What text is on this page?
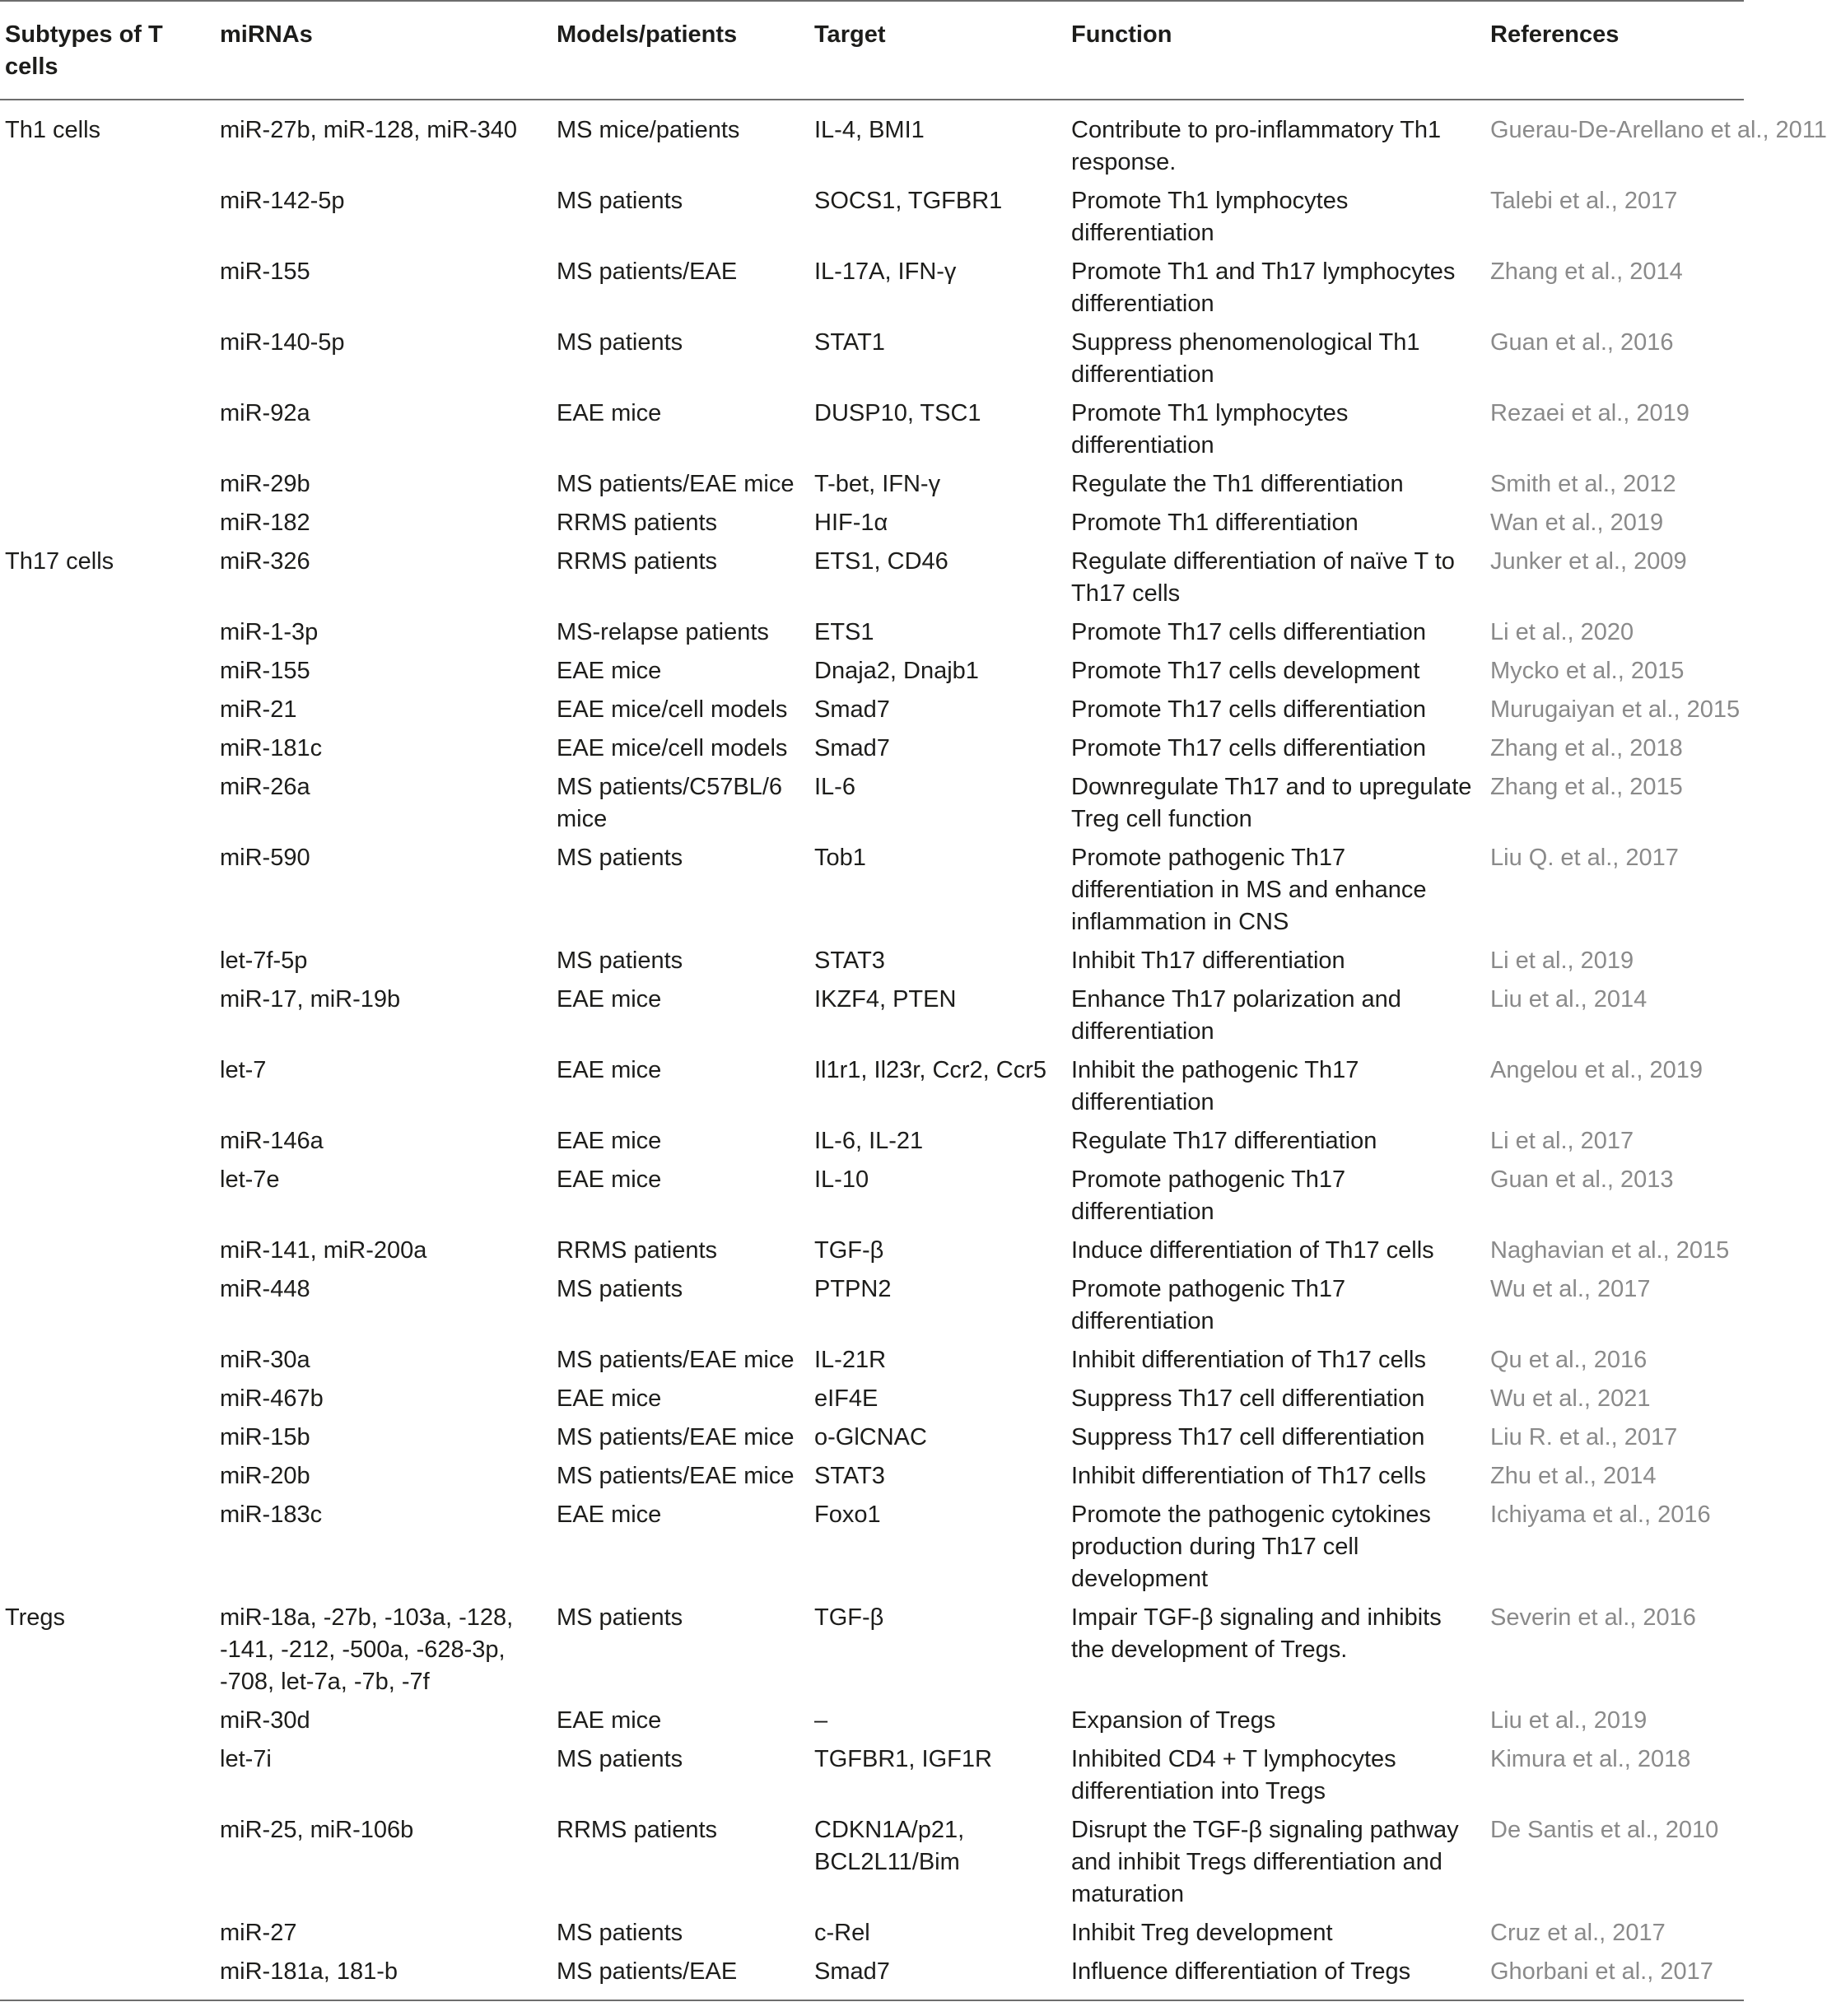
Subtypes of T cells	miRNAs	Models/patients	Target	Function	References
Th1 cells	miR-27b, miR-128, miR-340	MS mice/patients	IL-4, BMI1	Contribute to pro-inflammatory Th1 response.	Guerau-De-Arellano et al., 2011
	miR-142-5p	MS patients	SOCS1, TGFBR1	Promote Th1 lymphocytes differentiation	Talebi et al., 2017
	miR-155	MS patients/EAE	IL-17A, IFN-γ	Promote Th1 and Th17 lymphocytes differentiation	Zhang et al., 2014
	miR-140-5p	MS patients	STAT1	Suppress phenomenological Th1 differentiation	Guan et al., 2016
	miR-92a	EAE mice	DUSP10, TSC1	Promote Th1 lymphocytes differentiation	Rezaei et al., 2019
	miR-29b	MS patients/EAE mice	T-bet, IFN-γ	Regulate the Th1 differentiation	Smith et al., 2012
	miR-182	RRMS patients	HIF-1α	Promote Th1 differentiation	Wan et al., 2019
Th17 cells	miR-326	RRMS patients	ETS1, CD46	Regulate differentiation of naïve T to Th17 cells	Junker et al., 2009
	miR-1-3p	MS-relapse patients	ETS1	Promote Th17 cells differentiation	Li et al., 2020
	miR-155	EAE mice	Dnaja2, Dnajb1	Promote Th17 cells development	Mycko et al., 2015
	miR-21	EAE mice/cell models	Smad7	Promote Th17 cells differentiation	Murugaiyan et al., 2015
	miR-181c	EAE mice/cell models	Smad7	Promote Th17 cells differentiation	Zhang et al., 2018
	miR-26a	MS patients/C57BL/6 mice	IL-6	Downregulate Th17 and to upregulate Treg cell function	Zhang et al., 2015
	miR-590	MS patients	Tob1	Promote pathogenic Th17 differentiation in MS and enhance inflammation in CNS	Liu Q. et al., 2017
	let-7f-5p	MS patients	STAT3	Inhibit Th17 differentiation	Li et al., 2019
	miR-17, miR-19b	EAE mice	IKZF4, PTEN	Enhance Th17 polarization and differentiation	Liu et al., 2014
	let-7	EAE mice	Il1r1, Il23r, Ccr2, Ccr5	Inhibit the pathogenic Th17 differentiation	Angelou et al., 2019
	miR-146a	EAE mice	IL-6, IL-21	Regulate Th17 differentiation	Li et al., 2017
	let-7e	EAE mice	IL-10	Promote pathogenic Th17 differentiation	Guan et al., 2013
	miR-141, miR-200a	RRMS patients	TGF-β	Induce differentiation of Th17 cells	Naghavian et al., 2015
	miR-448	MS patients	PTPN2	Promote pathogenic Th17 differentiation	Wu et al., 2017
	miR-30a	MS patients/EAE mice	IL-21R	Inhibit differentiation of Th17 cells	Qu et al., 2016
	miR-467b	EAE mice	eIF4E	Suppress Th17 cell differentiation	Wu et al., 2021
	miR-15b	MS patients/EAE mice	o-GlCNAC	Suppress Th17 cell differentiation	Liu R. et al., 2017
	miR-20b	MS patients/EAE mice	STAT3	Inhibit differentiation of Th17 cells	Zhu et al., 2014
	miR-183c	EAE mice	Foxo1	Promote the pathogenic cytokines production during Th17 cell development	Ichiyama et al., 2016
Tregs	miR-18a, -27b, -103a, -128, -141, -212, -500a, -628-3p, -708, let-7a, -7b, -7f	MS patients	TGF-β	Impair TGF-β signaling and inhibits the development of Tregs.	Severin et al., 2016
	miR-30d	EAE mice	–	Expansion of Tregs	Liu et al., 2019
	let-7i	MS patients	TGFBR1, IGF1R	Inhibited CD4 + T lymphocytes differentiation into Tregs	Kimura et al., 2018
	miR-25, miR-106b	RRMS patients	CDKN1A/p21, BCL2L11/Bim	Disrupt the TGF-β signaling pathway and inhibit Tregs differentiation and maturation	De Santis et al., 2010
	miR-27	MS patients	c-Rel	Inhibit Treg development	Cruz et al., 2017
	miR-181a, 181-b	MS patients/EAE	Smad7	Influence differentiation of Tregs	Ghorbani et al., 2017
